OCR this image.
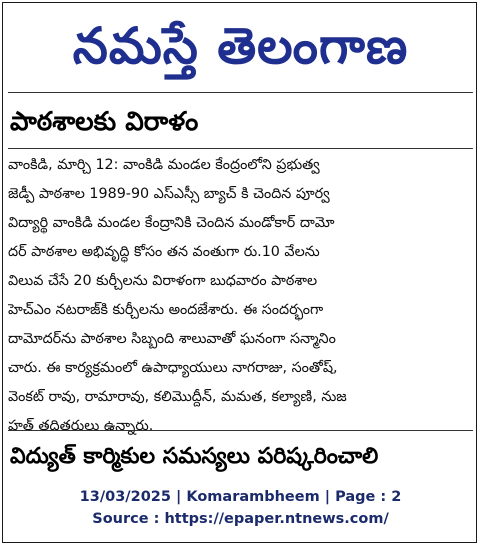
నమస్తే తెలంగాణ
పాఠశాలకు విరాళం
వాంకిడి, మార్చి 12: వాంకిడి మండల కేంద్రంలోని ప్రభుత్వ
జెడ్పీ పాఠశాల 1989-90 ఎస్ఎస్సీ బ్యాచ్ కి చెందిన పూర్వ
విద్యార్థి వాంకిడి మండల కేంద్రానికి చెందిన మండోకార్ దామో
దర్ పాఠశాల అభివృద్ధి కోసం తన వంతుగా రు.10 వేలను
విలువ చేసే 20 కుర్చీలను విరాళంగా బుధవారం పాఠశాల
హెచ్ఎం నటరాజ్‌కి కుర్చీలను అందజేశారు. ఈ సందర్భంగా
దామోదర్‌ను పాఠశాల సిబ్బంది శాలువాతో ఘనంగా సన్మానిం
చారు. ఈ కార్యక్రమంలో ఉపాధ్యాయులు నాగరాజు, సంతోష్,
వెంకట్ రావు, రామారావు, కలిమొద్దీన్, మమత, కల్యాణి, నుజ
హత్ తదితరులు ఉన్నారు.
విద్యుత్ కార్మికుల సమస్యలు పరిష్కరించాలి
13/03/2025 | Komarambheem | Page : 2
Source : https://epaper.ntnews.com/
